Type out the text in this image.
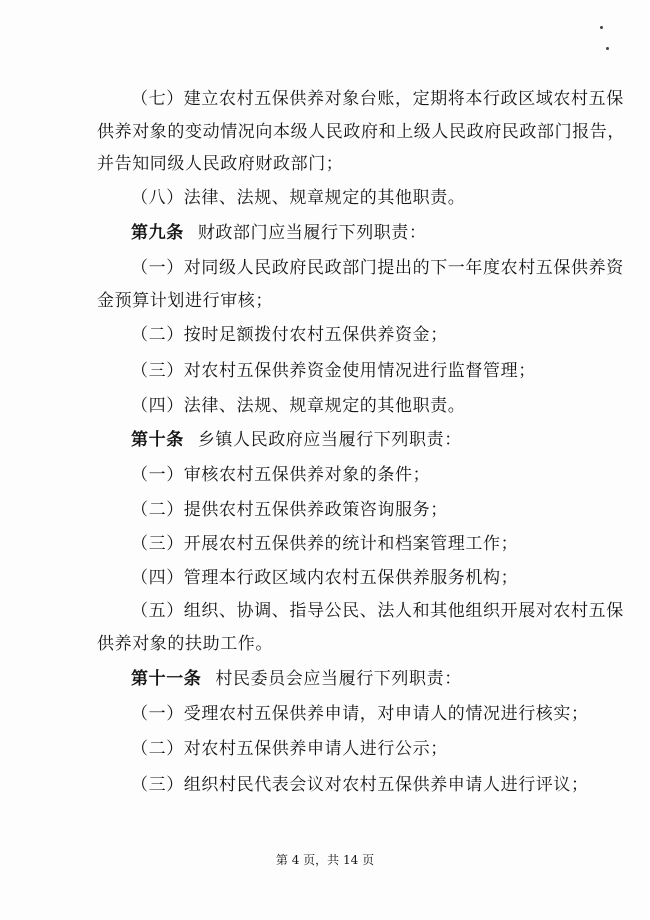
（七）建立农村五保供养对象台账，定期将本行政区域农村五保
供养对象的变动情况向本级人民政府和上级人民政府民政部门报告，
并告知同级人民政府财政部门；
（八）法律、法规、规章规定的其他职责。
第九条 财政部门应当履行下列职责：
（一）对同级人民政府民政部门提出的下一年度农村五保供养资
金预算计划进行审核；
（二）按时足额拨付农村五保供养资金；
（三）对农村五保供养资金使用情况进行监督管理；
（四）法律、法规、规章规定的其他职责。
第十条 乡镇人民政府应当履行下列职责：
（一）审核农村五保供养对象的条件；
（二）提供农村五保供养政策咨询服务；
（三）开展农村五保供养的统计和档案管理工作；
（四）管理本行政区域内农村五保供养服务机构；
（五）组织、协调、指导公民、法人和其他组织开展对农村五保
供养对象的扶助工作。
第十一条 村民委员会应当履行下列职责：
（一）受理农村五保供养申请，对申请人的情况进行核实；
（二）对农村五保供养申请人进行公示；
（三）组织村民代表会议对农村五保供养申请人进行评议；
第 4 页，共 14 页
